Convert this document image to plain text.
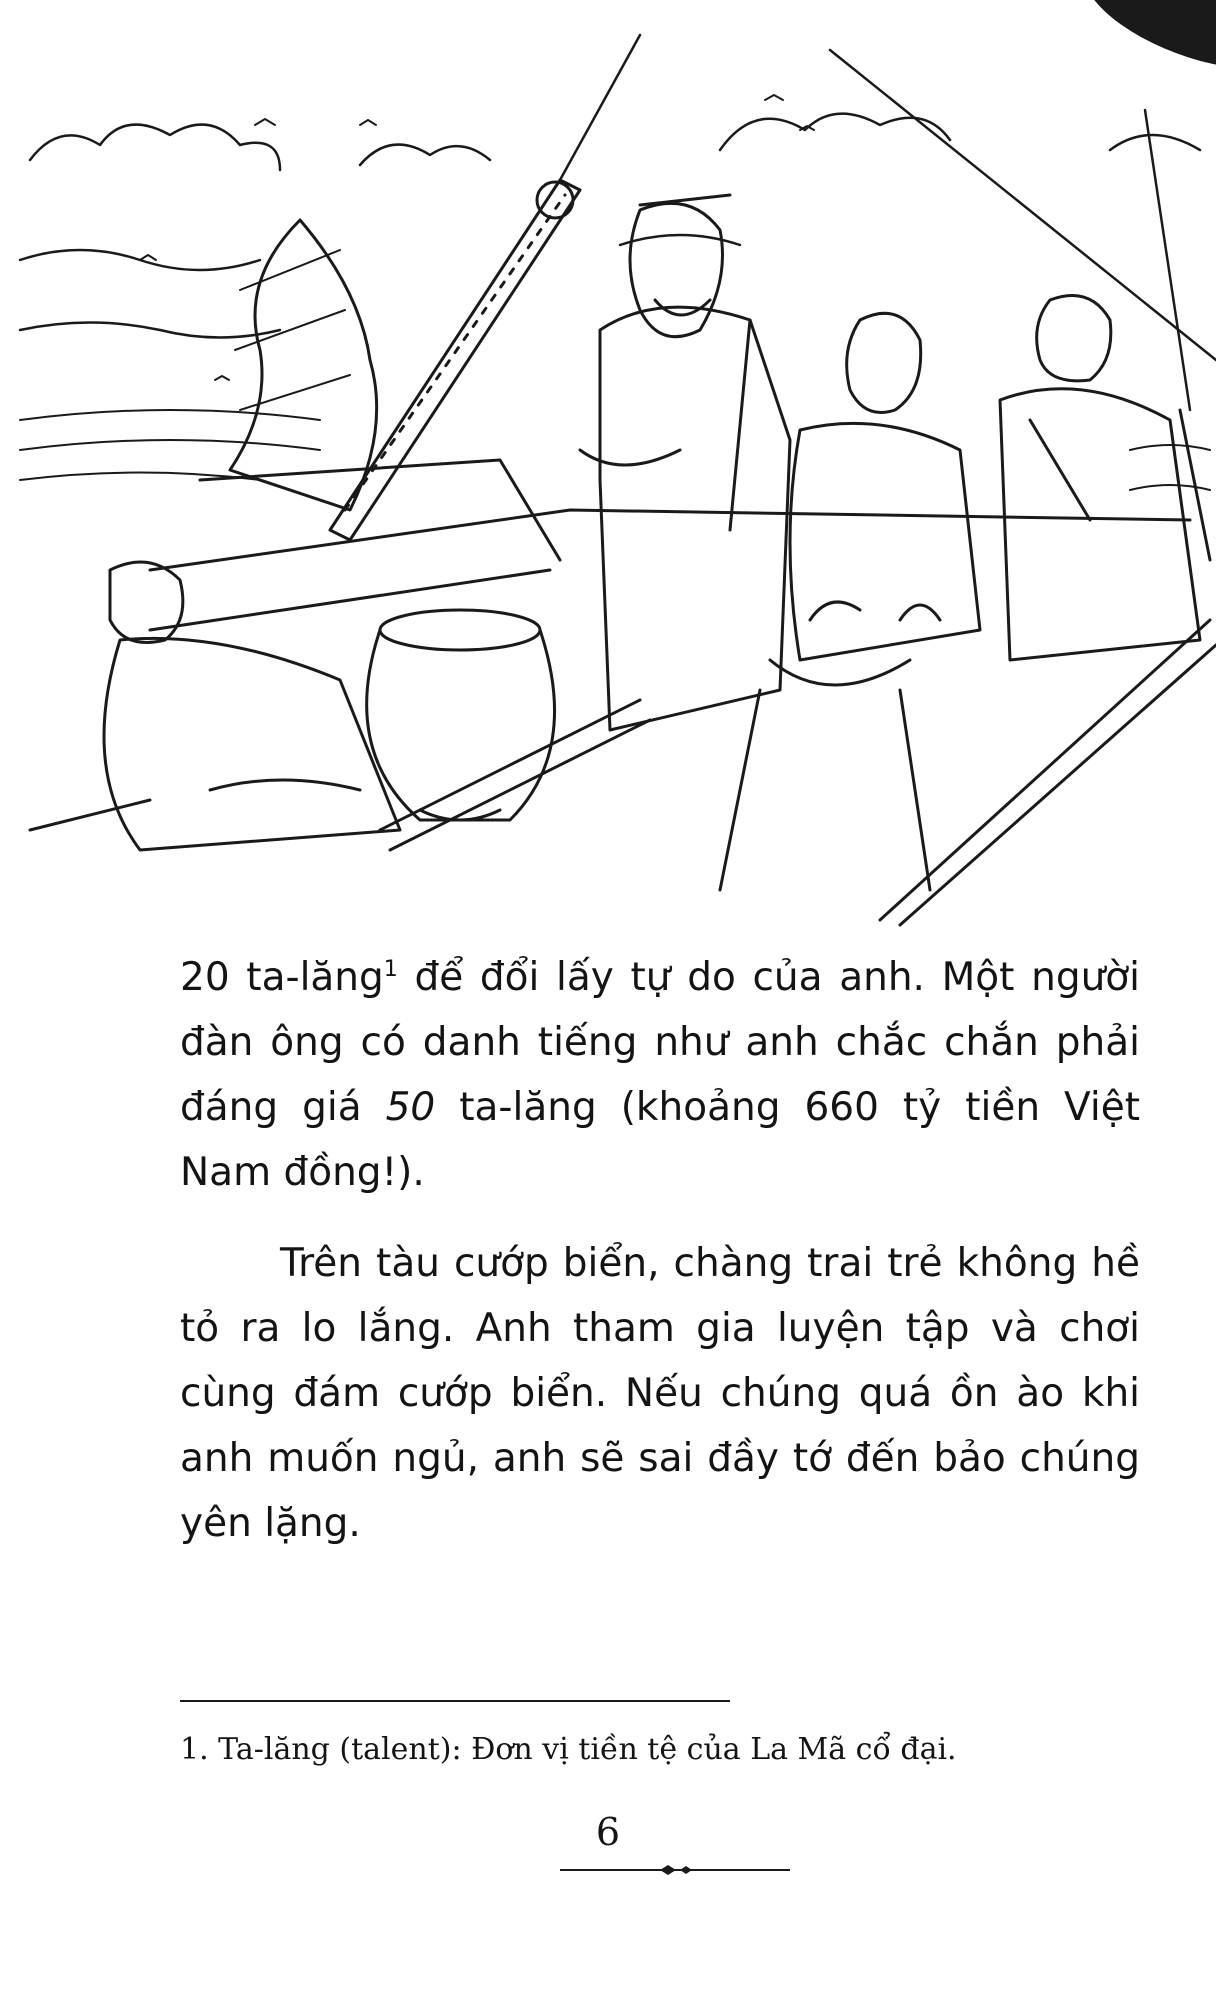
20 ta-lăng$^1$ để đổi lấy tự do của anh. Một người đàn ông có danh tiếng như anh chắc chắn phải đáng giá 50 ta-lăng (khoảng 660 tỷ tiền Việt Nam đồng!).

Trên tàu cướp biển, chàng trai trẻ không hề tỏ ra lo lắng. Anh tham gia luyện tập và chơi cùng đám cướp biển. Nếu chúng quá ồn ào khi anh muốn ngủ, anh sẽ sai đầy tớ đến bảo chúng yên lặng.

1. Ta-lăng (talent): Đơn vị tiền tệ của La Mã cổ đại.
6
